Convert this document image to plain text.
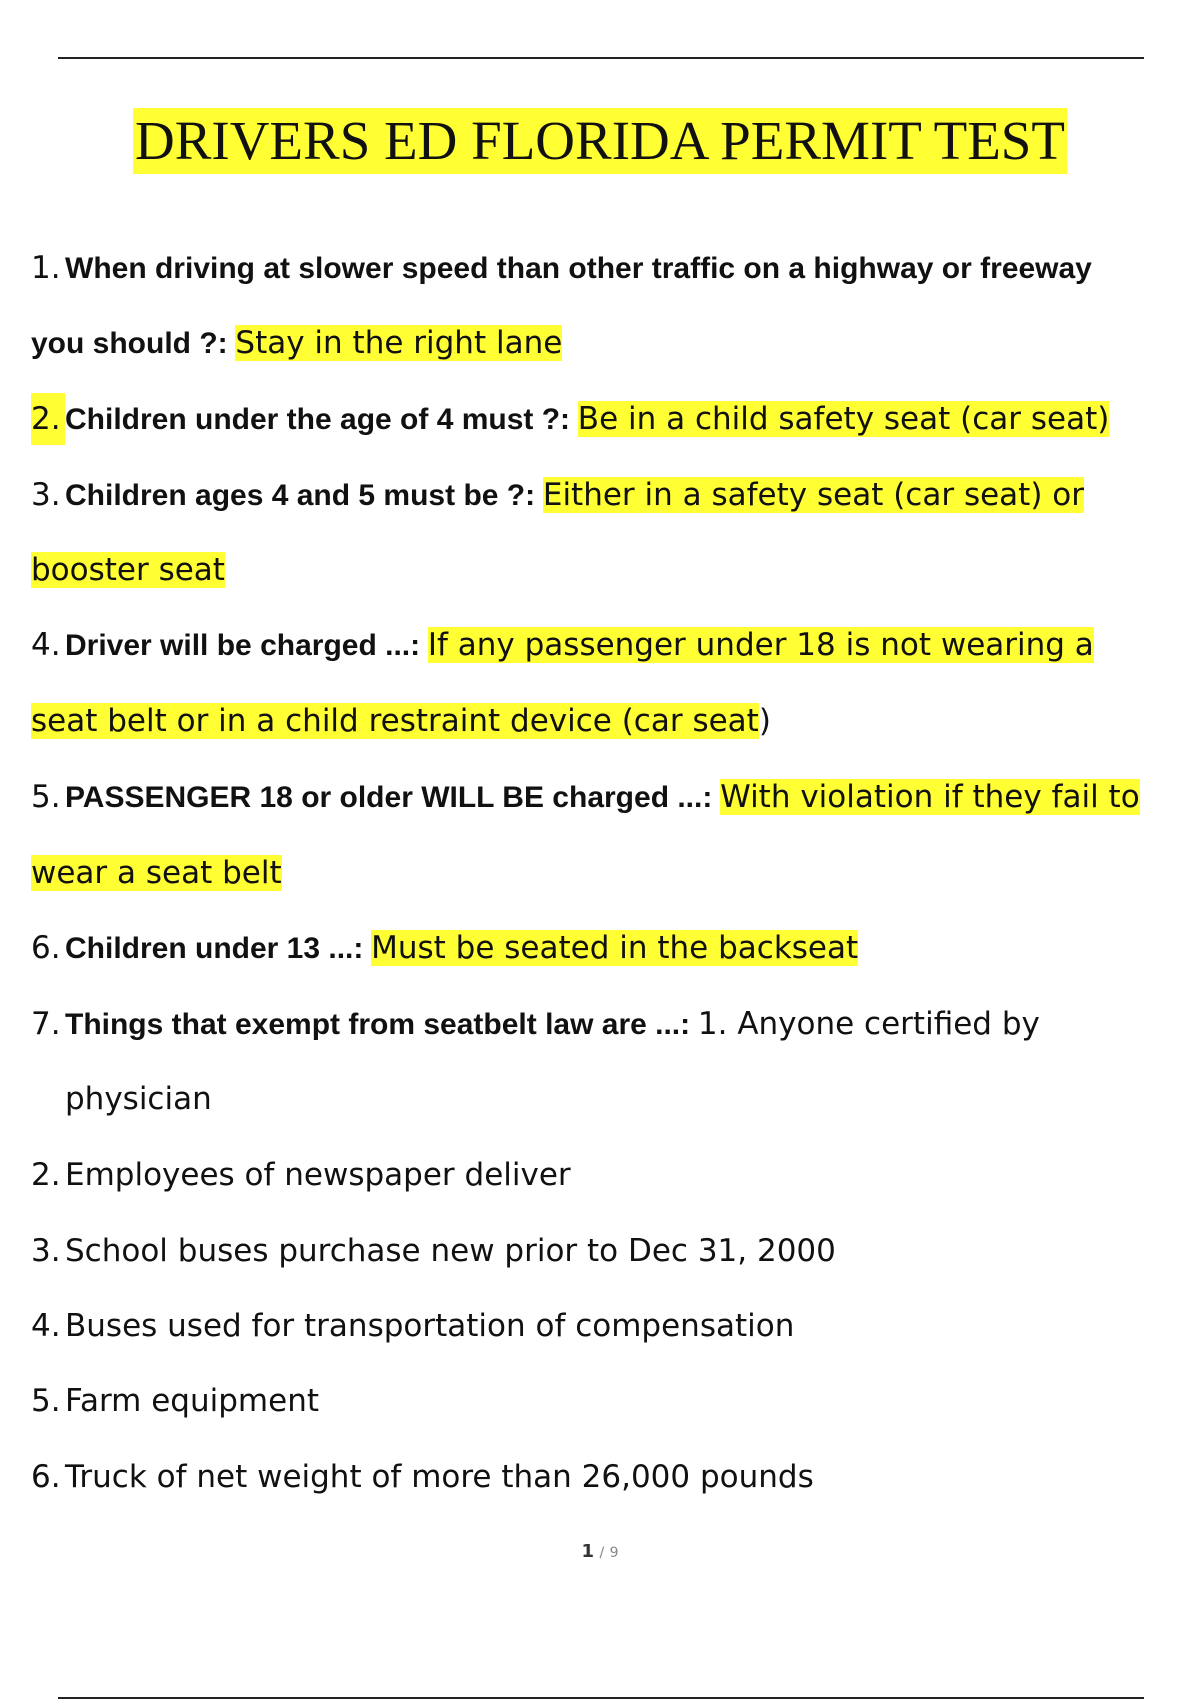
DRIVERS ED FLORIDA PERMIT TEST
1. When driving at slower speed than other traffic on a highway or freeway
you should ?: Stay in the right lane
2. Children under the age of 4 must ?: Be in a child safety seat (car seat)
3. Children ages 4 and 5 must be ?: Either in a safety seat (car seat) or
booster seat
4. Driver will be charged ...: If any passenger under 18 is not wearing a
seat belt or in a child restraint device (car seat)
5. PASSENGER 18 or older WILL BE charged ...: With violation if they fail to
wear a seat belt
6. Children under 13 ...: Must be seated in the backseat
7. Things that exempt from seatbelt law are ...: 1. Anyone certified by
physician
2. Employees of newspaper deliver
3. School buses purchase new prior to Dec 31, 2000
4. Buses used for transportation of compensation
5. Farm equipment
6. Truck of net weight of more than 26,000 pounds
1 / 9
